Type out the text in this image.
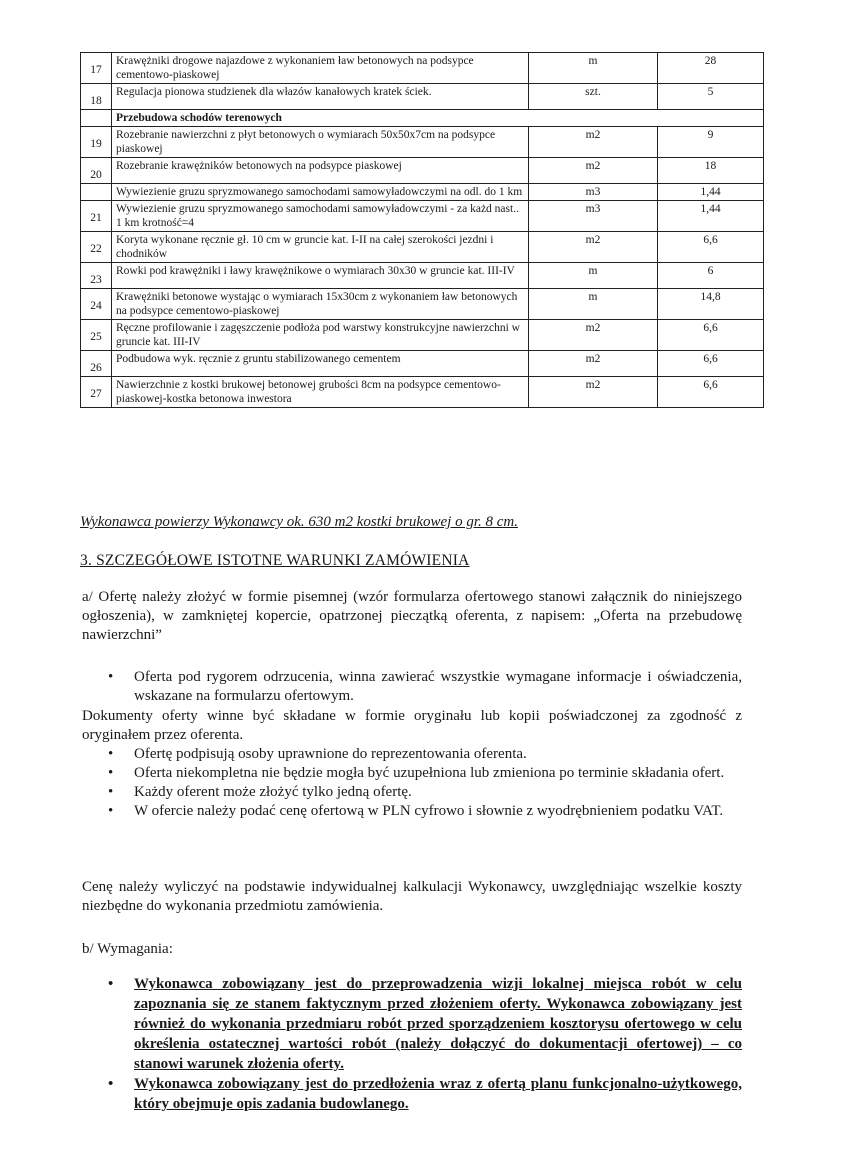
17	Krawężniki drogowe najazdowe z wykonaniem ław betonowych na podsypce cementowo-piaskowej	m	28
18	Regulacja pionowa studzienek dla włazów kanałowych kratek ściek.	szt.	5
	Przebudowa schodów terenowych		
19	Rozebranie nawierzchni z płyt betonowych o wymiarach 50x50x7cm na podsypce piaskowej	m2	9
20	Rozebranie krawężników betonowych na podsypce piaskowej	m2	18
	Wywiezienie gruzu spryzmowanego samochodami samowyładowczymi na odl. do 1 km	m3	1,44
21	Wywiezienie gruzu spryzmowanego samochodami samowyładowczymi - za każd nast.. 1 km krotność=4	m3	1,44
22	Koryta wykonane ręcznie gł. 10 cm w gruncie kat. I-II na całej szerokości jezdni i chodników	m2	6,6
23	Rowki pod krawężniki i ławy krawężnikowe o wymiarach 30x30 w gruncie kat. III-IV	m	6
24	Krawężniki betonowe wystając o wymiarach 15x30cm z wykonaniem ław betonowych na podsypce cementowo-piaskowej	m	14,8
25	Ręczne profilowanie i zagęszczenie podłoża pod warstwy konstrukcyjne nawierzchni w gruncie kat. III-IV	m2	6,6
26	Podbudowa wyk. ręcznie z gruntu stabilizowanego cementem	m2	6,6
27	Nawierzchnie z kostki brukowej betonowej grubości 8cm na podsypce cementowo-piaskowej-kostka betonowa inwestora	m2	6,6
Wykonawca powierzy Wykonawcy ok. 630 m2 kostki brukowej o gr. 8 cm.
3. SZCZEGÓŁOWE ISTOTNE WARUNKI ZAMÓWIENIA

a/ Ofertę należy złożyć w formie pisemnej (wzór formularza ofertowego stanowi załącznik do niniejszego ogłoszenia), w zamkniętej kopercie, opatrzonej pieczątką oferenta, z napisem: „Oferta na przebudowę nawierzchni”

• Oferta pod rygorem odrzucenia, winna zawierać wszystkie wymagane informacje i oświadczenia, wskazane na formularzu ofertowym.

Dokumenty oferty winne być składane w formie oryginału lub kopii poświadczonej za zgodność z oryginałem przez oferenta.

• Ofertę podpisują osoby uprawnione do reprezentowania oferenta.
• Oferta niekompletna nie będzie mogła być uzupełniona lub zmieniona po terminie składania ofert.
• Każdy oferent może złożyć tylko jedną ofertę.
• W ofercie należy podać cenę ofertową w PLN cyfrowo i słownie z wyodrębnieniem podatku VAT.

Cenę należy wyliczyć na podstawie indywidualnej kalkulacji Wykonawcy, uwzględniając wszelkie koszty niezbędne do wykonania przedmiotu zamówienia.

b/ Wymagania:

• Wykonawca zobowiązany jest do przeprowadzenia wizji lokalnej miejsca robót w celu zapoznania się ze stanem faktycznym przed złożeniem oferty. Wykonawca zobowiązany jest również do wykonania przedmiaru robót przed sporządzeniem kosztorysu ofertowego w celu określenia ostatecznej wartości robót (należy dołączyć do dokumentacji ofertowej) – co stanowi warunek złożenia oferty.
• Wykonawca zobowiązany jest do przedłożenia wraz z ofertą planu funkcjonalno-użytkowego, który obejmuje opis zadania budowlanego.
